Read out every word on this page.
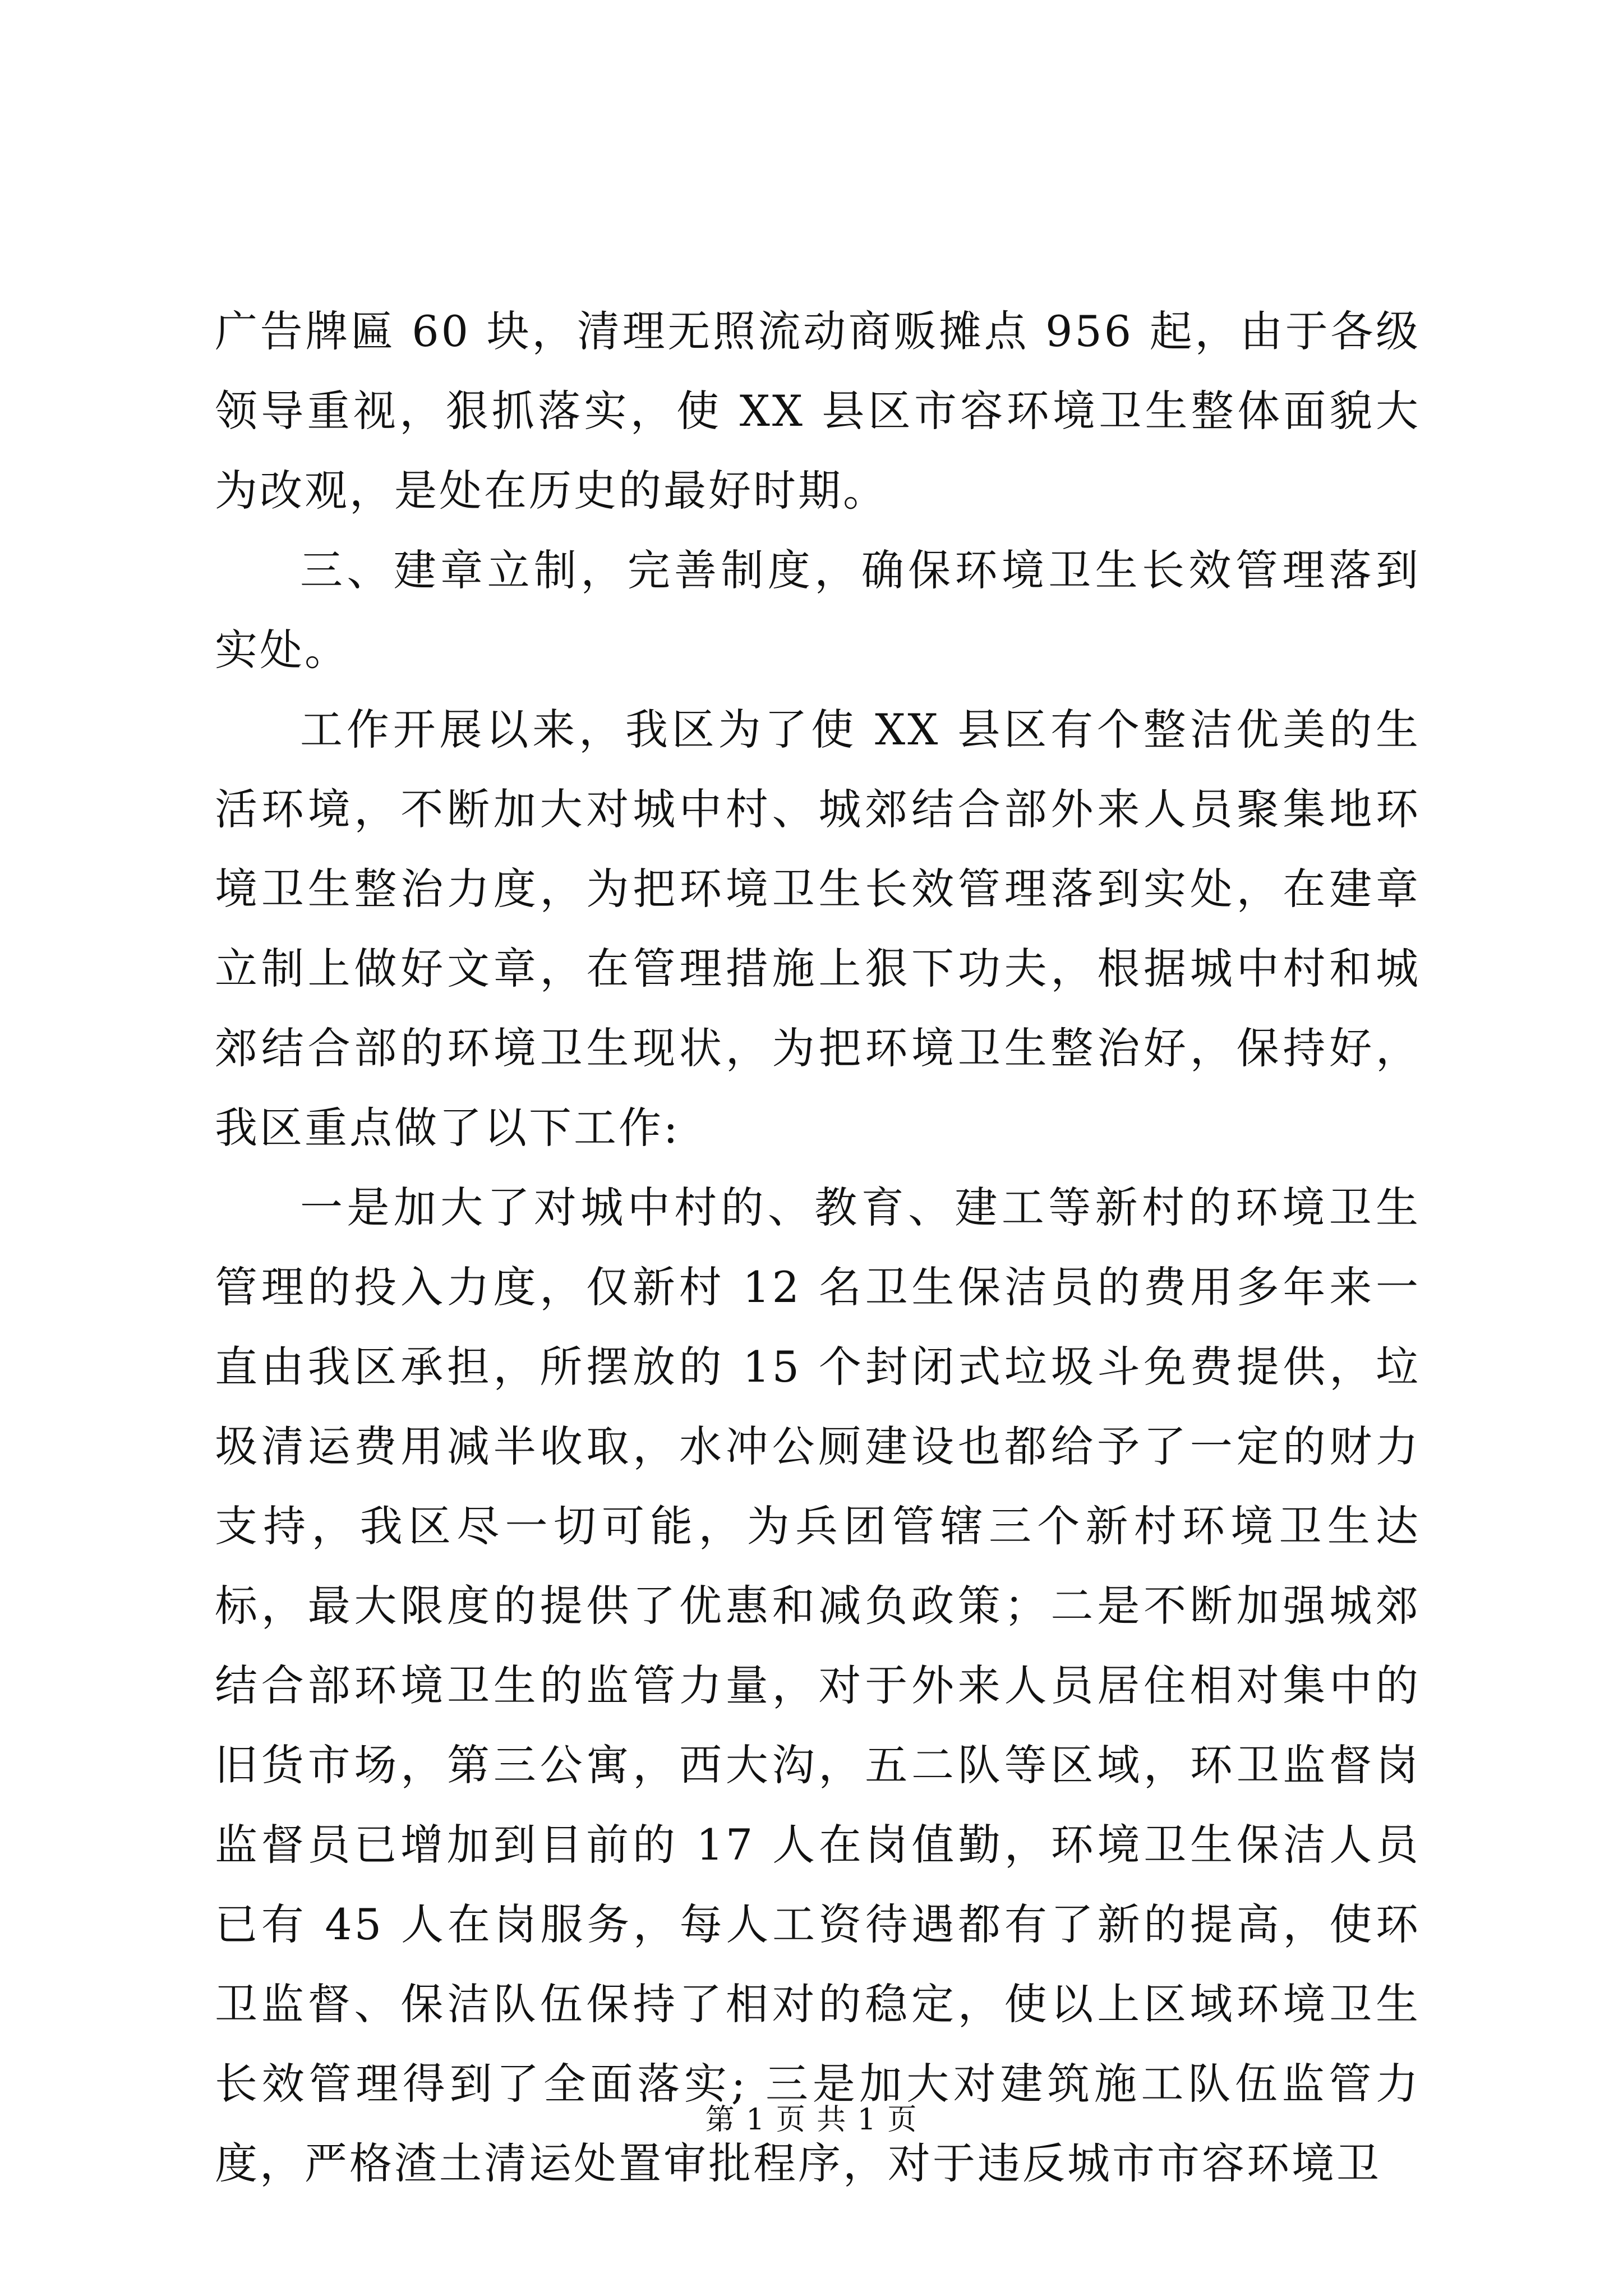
广告牌匾 60 块，清理无照流动商贩摊点 956 起，由于各级领导重视，狠抓落实，使 XX 县区市容环境卫生整体面貌大为改观，是处在历史的最好时期。

三、建章立制，完善制度，确保环境卫生长效管理落到实处。

工作开展以来，我区为了使 XX 县区有个整洁优美的生活环境，不断加大对城中村、城郊结合部外来人员聚集地环境卫生整治力度，为把环境卫生长效管理落到实处，在建章立制上做好文章，在管理措施上狠下功夫，根据城中村和城郊结合部的环境卫生现状，为把环境卫生整治好，保持好，我区重点做了以下工作:

一是加大了对城中村的、教育、建工等新村的环境卫生管理的投入力度，仅新村 12 名卫生保洁员的费用多年来一直由我区承担，所摆放的 15 个封闭式垃圾斗免费提供，垃圾清运费用减半收取，水冲公厕建设也都给予了一定的财力支持，我区尽一切可能，为兵团管辖三个新村环境卫生达标，最大限度的提供了优惠和减负政策；二是不断加强城郊结合部环境卫生的监管力量，对于外来人员居住相对集中的旧货市场，第三公寓，西大沟，五二队等区域，环卫监督岗监督员已增加到目前的 17 人在岗值勤，环境卫生保洁人员已有 45 人在岗服务，每人工资待遇都有了新的提高，使环卫监督、保洁队伍保持了相对的稳定，使以上区域环境卫生长效管理得到了全面落实; 三是加大对建筑施工队伍监管力度，严格渣土清运处置审批程序，对于违反城市市容环境卫

第 1 页 共 1 页
